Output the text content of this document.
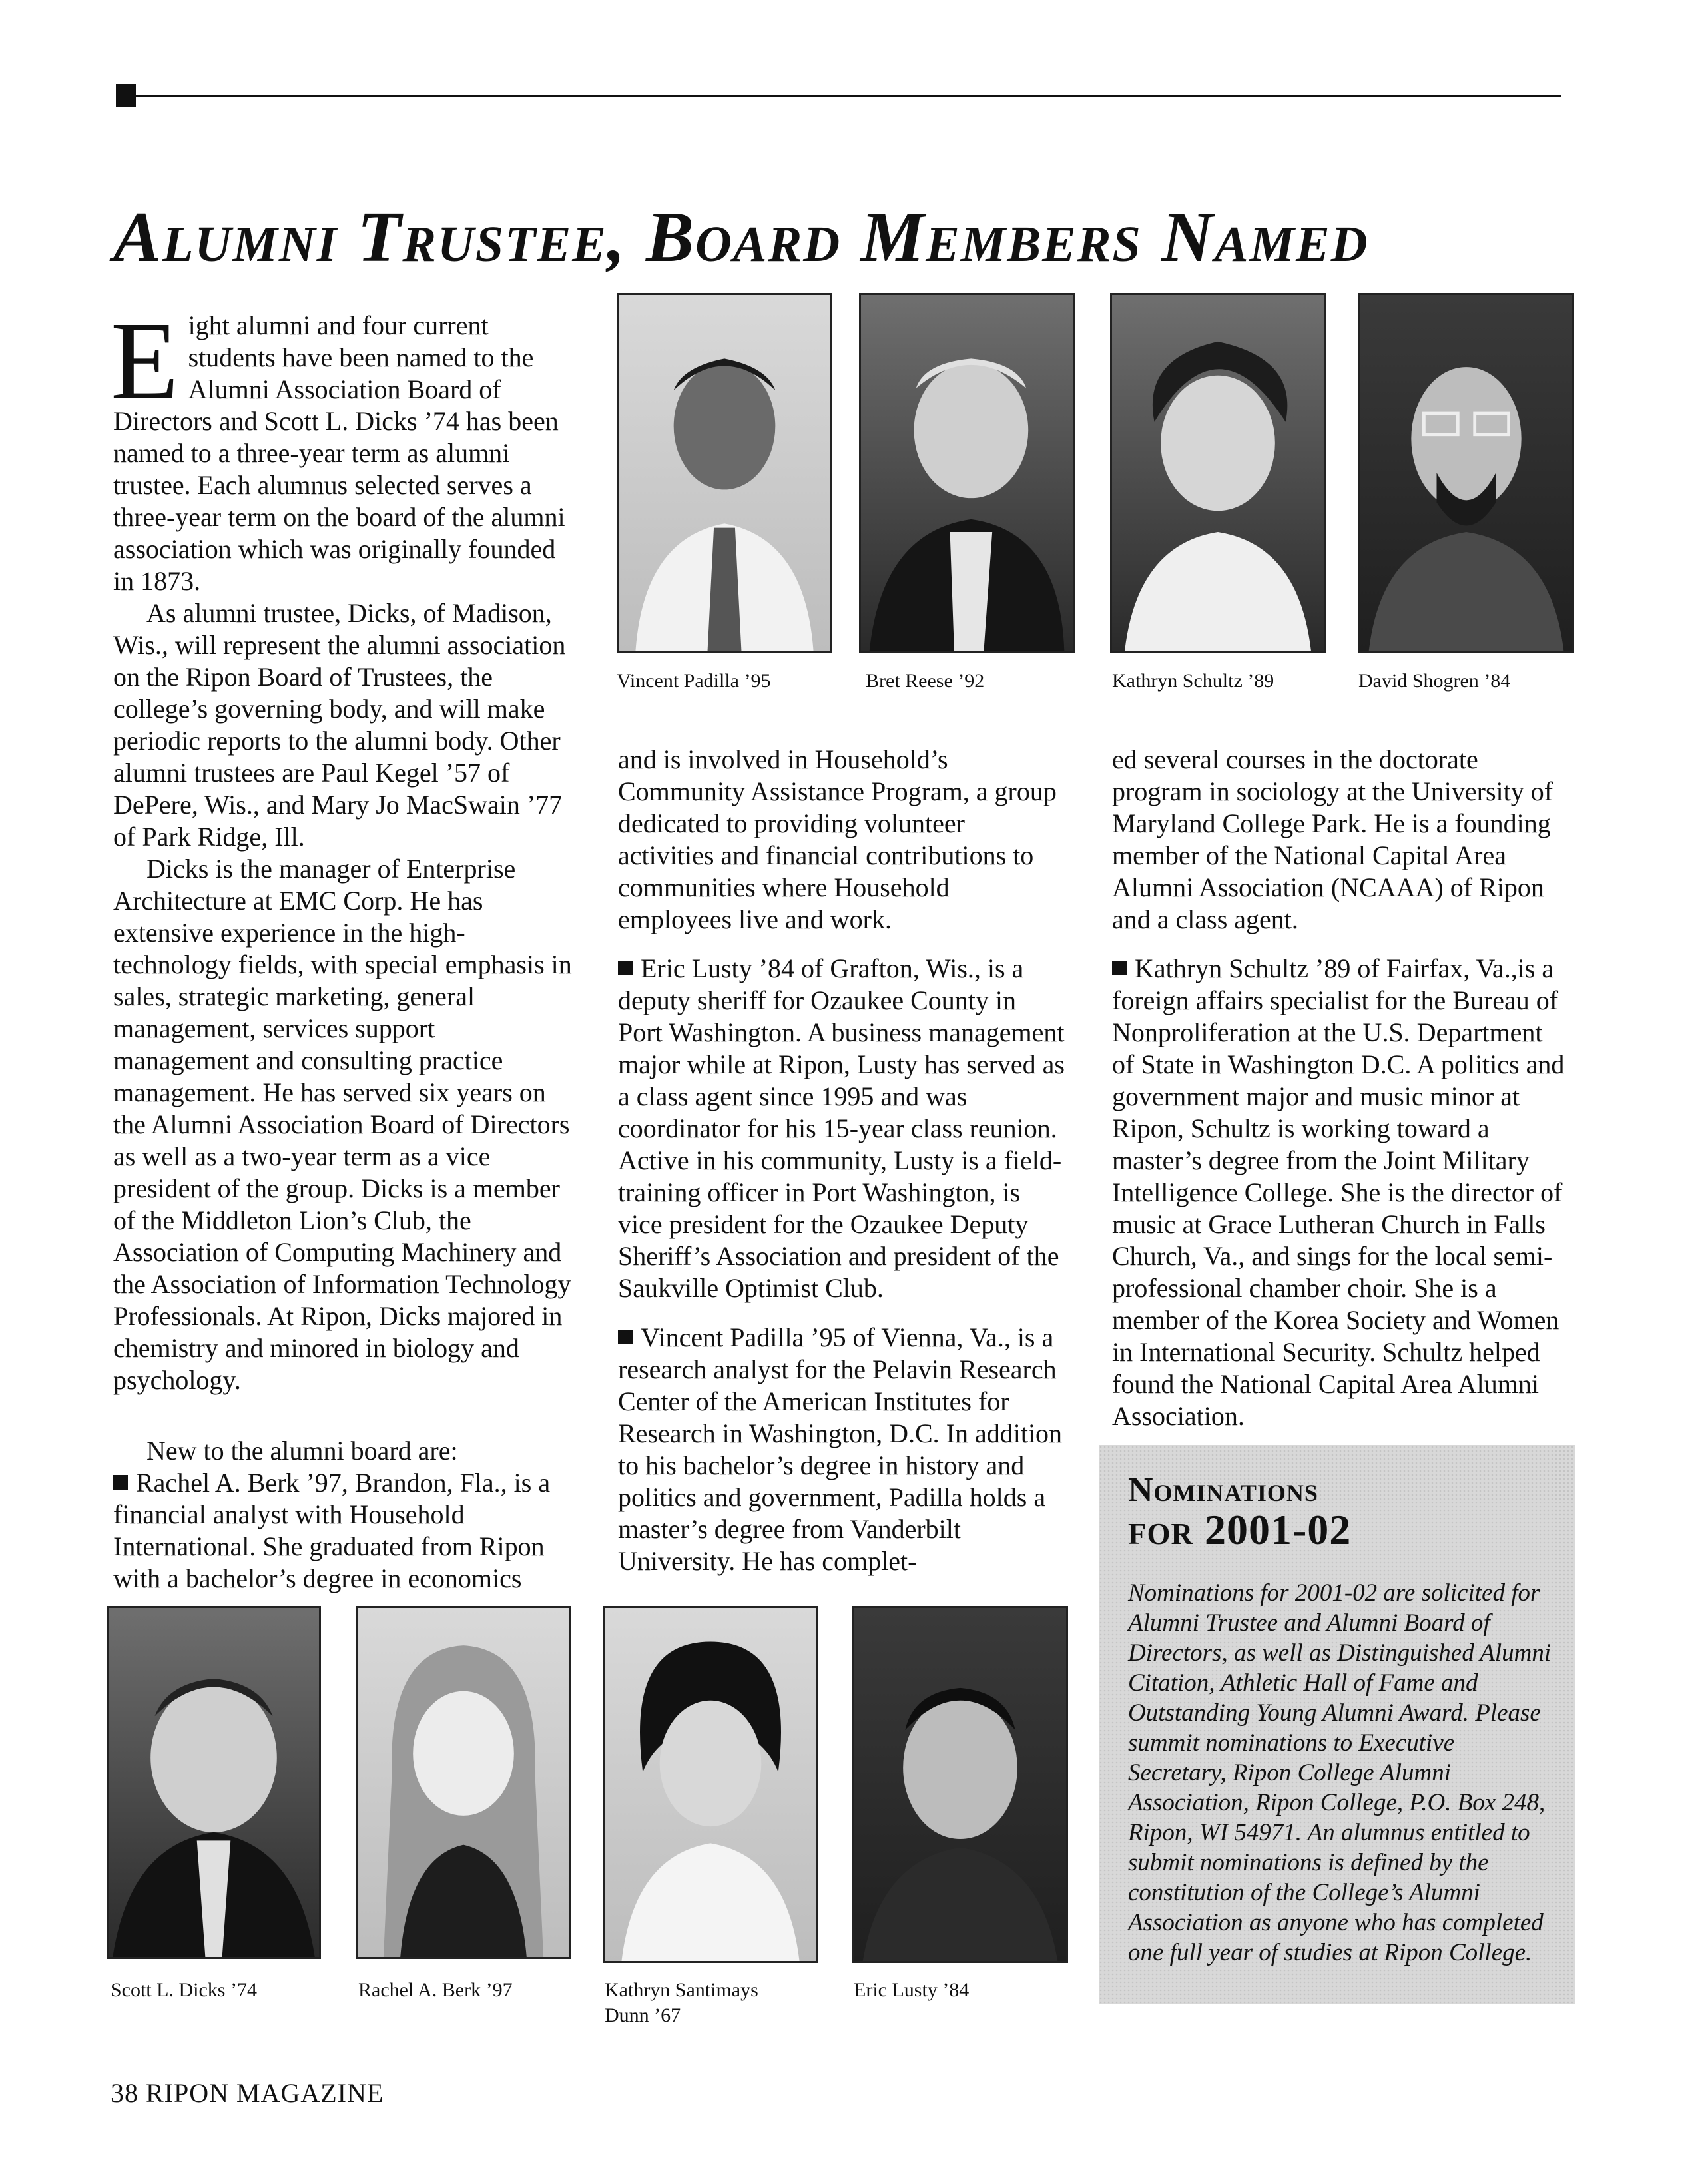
Alumni Trustee, Board Members Named

Eight alumni and four current students have been named to the Alumni Association Board of Directors and Scott L. Dicks ’74 has been named to a three-year term as alumni trustee. Each alumnus selected serves a three-year term on the board of the alumni association which was originally founded in 1873.

As alumni trustee, Dicks, of Madison, Wis., will represent the alumni association on the Ripon Board of Trustees, the college’s governing body, and will make periodic reports to the alumni body. Other alumni trustees are Paul Kegel ’57 of DePere, Wis., and Mary Jo MacSwain ’77 of Park Ridge, Ill.

Dicks is the manager of Enterprise Architecture at EMC Corp. He has extensive experience in the high-technology fields, with special emphasis in sales, strategic marketing, general management, services support management and consulting practice management. He has served six years on the Alumni Association Board of Directors as well as a two-year term as a vice president of the group. Dicks is a member of the Middleton Lion’s Club, the Association of Computing Machinery and the Association of Information Technology Professionals. At Ripon, Dicks majored in chemistry and minored in biology and psychology.

New to the alumni board are:

Rachel A. Berk ’97, Brandon, Fla., is a financial analyst with Household International. She graduated from Ripon with a bachelor’s degree in economics

and is involved in Household’s Community Assistance Program, a group dedicated to providing volunteer activities and financial contributions to communities where Household employees live and work.

Eric Lusty ’84 of Grafton, Wis., is a deputy sheriff for Ozaukee County in Port Washington. A business management major while at Ripon, Lusty has served as a class agent since 1995 and was coordinator for his 15-year class reunion. Active in his community, Lusty is a field-training officer in Port Washington, is vice president for the Ozaukee Deputy Sheriff’s Association and president of the Saukville Optimist Club.

Vincent Padilla ’95 of Vienna, Va., is a research analyst for the Pelavin Research Center of the American Institutes for Research in Washington, D.C. In addition to his bachelor’s degree in history and politics and government, Padilla holds a master’s degree from Vanderbilt University. He has complet-

ed several courses in the doctorate program in sociology at the University of Maryland College Park. He is a founding member of the National Capital Area Alumni Association (NCAAA) of Ripon and a class agent.

Kathryn Schultz ’89 of Fairfax, Va.,is a foreign affairs specialist for the Bureau of Nonproliferation at the U.S. Department of State in Washington D.C. A politics and government major and music minor at Ripon, Schultz is working toward a master’s degree from the Joint Military Intelligence College. She is the director of music at Grace Lutheran Church in Falls Church, Va., and sings for the local semi-professional chamber choir. She is a member of the Korea Society and Women in International Security. Schultz helped found the National Capital Area Alumni Association.

Vincent Padilla ’95	Bret Reese ’92	Kathryn Schultz ’89	David Shogren ’84
Scott L. Dicks ’74	Rachel A. Berk ’97	Kathryn Santimays
Dunn ’67
Eric Lusty ’84
Nominations
for 2001-02

Nominations for 2001-02 are solicited for Alumni Trustee and Alumni Board of Directors, as well as Distinguished Alumni Citation, Athletic Hall of Fame and Outstanding Young Alumni Award. Please summit nominations to Executive Secretary, Ripon College Alumni Association, Ripon College, P.O. Box 248, Ripon, WI 54971. An alumnus entitled to submit nominations is defined by the constitution of the College’s Alumni Association as anyone who has completed one full year of studies at Ripon College.

38 RIPON MAGAZINE
